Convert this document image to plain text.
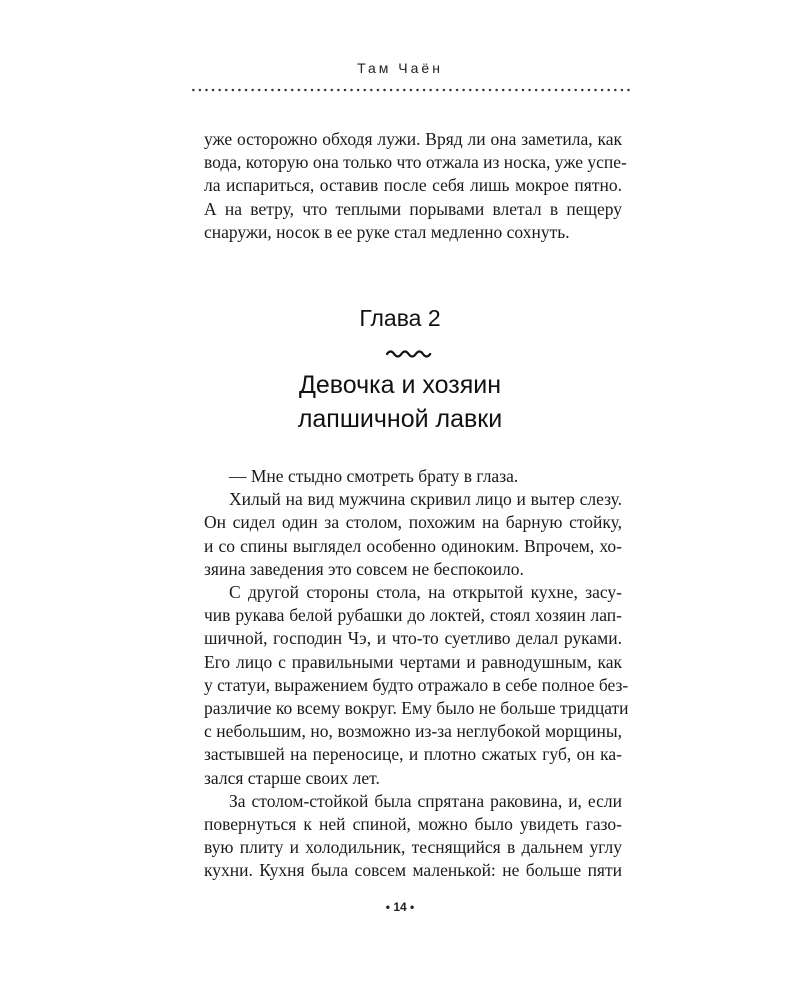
Там Чаён
уже осторожно обходя лужи. Вряд ли она заметила, как
вода, которую она только что отжала из носка, уже успе-
ла испариться, оставив после себя лишь мокрое пятно.
А на ветру, что теплыми порывами влетал в пещеру
снаружи, носок в ее руке стал медленно сохнуть.
Глава 2
Девочка и хозяин
лапшичной лавки
— Мне стыдно смотреть брату в глаза.
Хилый на вид мужчина скривил лицо и вытер слезу.
Он сидел один за столом, похожим на барную стойку,
и со спины выглядел особенно одиноким. Впрочем, хо-
зяина заведения это совсем не беспокоило.
С другой стороны стола, на открытой кухне, засу-
чив рукава белой рубашки до локтей, стоял хозяин лап-
шичной, господин Чэ, и что-то суетливо делал руками.
Его лицо с правильными чертами и равнодушным, как
у статуи, выражением будто отражало в себе полное без-
различие ко всему вокруг. Ему было не больше тридцати
с небольшим, но, возможно из-за неглубокой морщины,
застывшей на переносице, и плотно сжатых губ, он ка-
зался старше своих лет.
За столом-стойкой была спрятана раковина, и, если
повернуться к ней спиной, можно было увидеть газо-
вую плиту и холодильник, теснящийся в дальнем углу
кухни. Кухня была совсем маленькой: не больше пяти
• 14 •
